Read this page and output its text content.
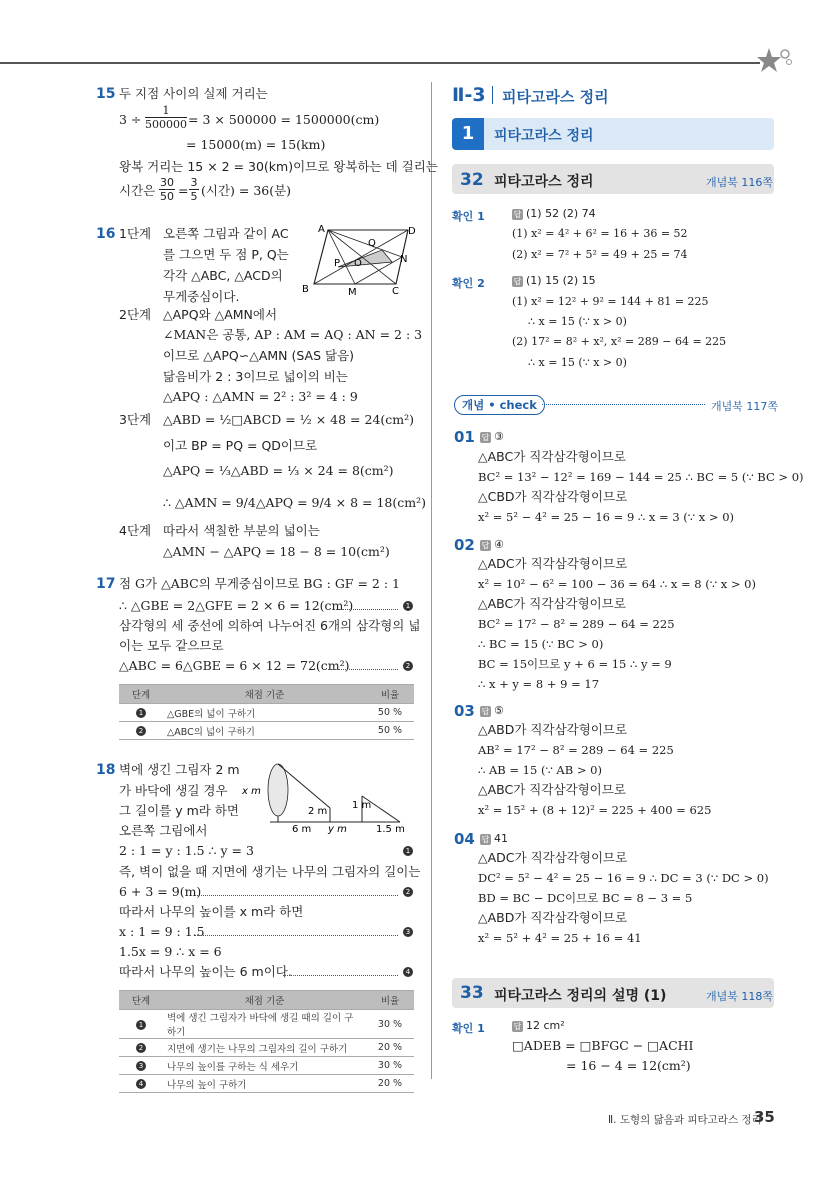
15 두 지점 사이의 실제 거리는
$3 \div \frac{1}{500000} = 3 \times 500000 = 1500000(cm)$
= 15000(m) = 15(km)
왕복 거리는 15 × 2 = 30(km)이므로 왕복하는 데 걸리는
시간은
30
50 =
3
5 (시간) = 36(분)
16 1단계 오른쪽 그림과 같이 AC
를 그으면 두 점 P, Q는
각각 △ABC, △ACD의
무게중심이다.
A	D
B	C
M
N
P
Q
O
2단계 △APQ와 △AMN에서
∠MAN은 공통, AP : AM = AQ : AN = 2 : 3
이므로 △APQ∽△AMN (SAS 닮음)
닮음비가 2 : 3이므로 넓이의 비는
△APQ : △AMN = 2² : 3² = 4 : 9
3단계 △ABD = ½□ABCD = ½ × 48 = 24(cm²)
이고 BP = PQ = QD이므로
△APQ = ⅓△ABD = ⅓ × 24 = 8(cm²)
∴ △AMN = 9/4△APQ = 9/4 × 8 = 18(cm²)
4단계 따라서 색칠한 부분의 넓이는
△AMN − △APQ = 18 − 8 = 10(cm²)
17 점 G가 △ABC의 무게중심이므로 BG : GF = 2 : 1
∴ △GBE = 2△GFE = 2 × 6 = 12(cm²)	1
삼각형의 세 중선에 의하여 나누어진 6개의 삼각형의 넓
이는 모두 같으므로
△ABC = 6△GBE = 6 × 12 = 72(cm²)	2
단계	채점 기준	비율
1	△GBE의 넓이 구하기	50 %
2	△ABC의 넓이 구하기	50 %
18 벽에 생긴 그림자 2 m
가 바닥에 생길 경우
그 길이를 y m라 하면
오른쪽 그림에서
x m
2 m
6 m y m
1 m
1.5 m
2 : 1 = y : 1.5 ∴ y = 3	1
즉, 벽이 없을 때 지면에 생기는 나무의 그림자의 길이는
6 + 3 = 9(m)	2
따라서 나무의 높이를 x m라 하면
x : 1 = 9 : 1.5	3
1.5x = 9 ∴ x = 6
따라서 나무의 높이는 6 m이다.	4
단계	채점 기준	비율
1	벽에 생긴 그림자가 바닥에 생길 때의 길이 구하기	30 %
2	지면에 생기는 나무의 그림자의 길이 구하기	20 %
3	나무의 높이를 구하는 식 세우기	30 %
4	나무의 높이 구하기	20 %
Ⅱ-3 피타고라스 정리
1	피타고라스 정리
32 피타고라스 정리	개념북 116쪽
확인 1	답 (1) 52 (2) 74
(1) x² = 4² + 6² = 16 + 36 = 52
(2) x² = 7² + 5² = 49 + 25 = 74
확인 2	답 (1) 15 (2) 15
(1) x² = 12² + 9² = 144 + 81 = 225
∴ x = 15 (∵ x > 0)
(2) 17² = 8² + x², x² = 289 − 64 = 225
∴ x = 15 (∵ x > 0)
개념 • check	개념북 117쪽
01 답 ③
△ABC가 직각삼각형이므로
BC² = 13² − 12² = 169 − 144 = 25 ∴ BC = 5 (∵ BC > 0)
△CBD가 직각삼각형이므로
x² = 5² − 4² = 25 − 16 = 9 ∴ x = 3 (∵ x > 0)
02 답 ④
△ADC가 직각삼각형이므로
x² = 10² − 6² = 100 − 36 = 64 ∴ x = 8 (∵ x > 0)
△ABC가 직각삼각형이므로
BC² = 17² − 8² = 289 − 64 = 225
∴ BC = 15 (∵ BC > 0)
BC = 15이므로 y + 6 = 15 ∴ y = 9
∴ x + y = 8 + 9 = 17
03 답 ⑤
△ABD가 직각삼각형이므로
AB² = 17² − 8² = 289 − 64 = 225
∴ AB = 15 (∵ AB > 0)
△ABC가 직각삼각형이므로
x² = 15² + (8 + 12)² = 225 + 400 = 625
04 답 41
△ADC가 직각삼각형이므로
DC² = 5² − 4² = 25 − 16 = 9 ∴ DC = 3 (∵ DC > 0)
BD = BC − DC이므로 BC = 8 − 3 = 5
△ABD가 직각삼각형이므로
x² = 5² + 4² = 25 + 16 = 41
33 피타고라스 정리의 설명 (1)	개념북 118쪽
확인 1	답 12 cm²
□ADEB = □BFGC − □ACHI
= 16 − 4 = 12(cm²)
Ⅱ. 도형의 닮음과 피타고라스 정리
35
